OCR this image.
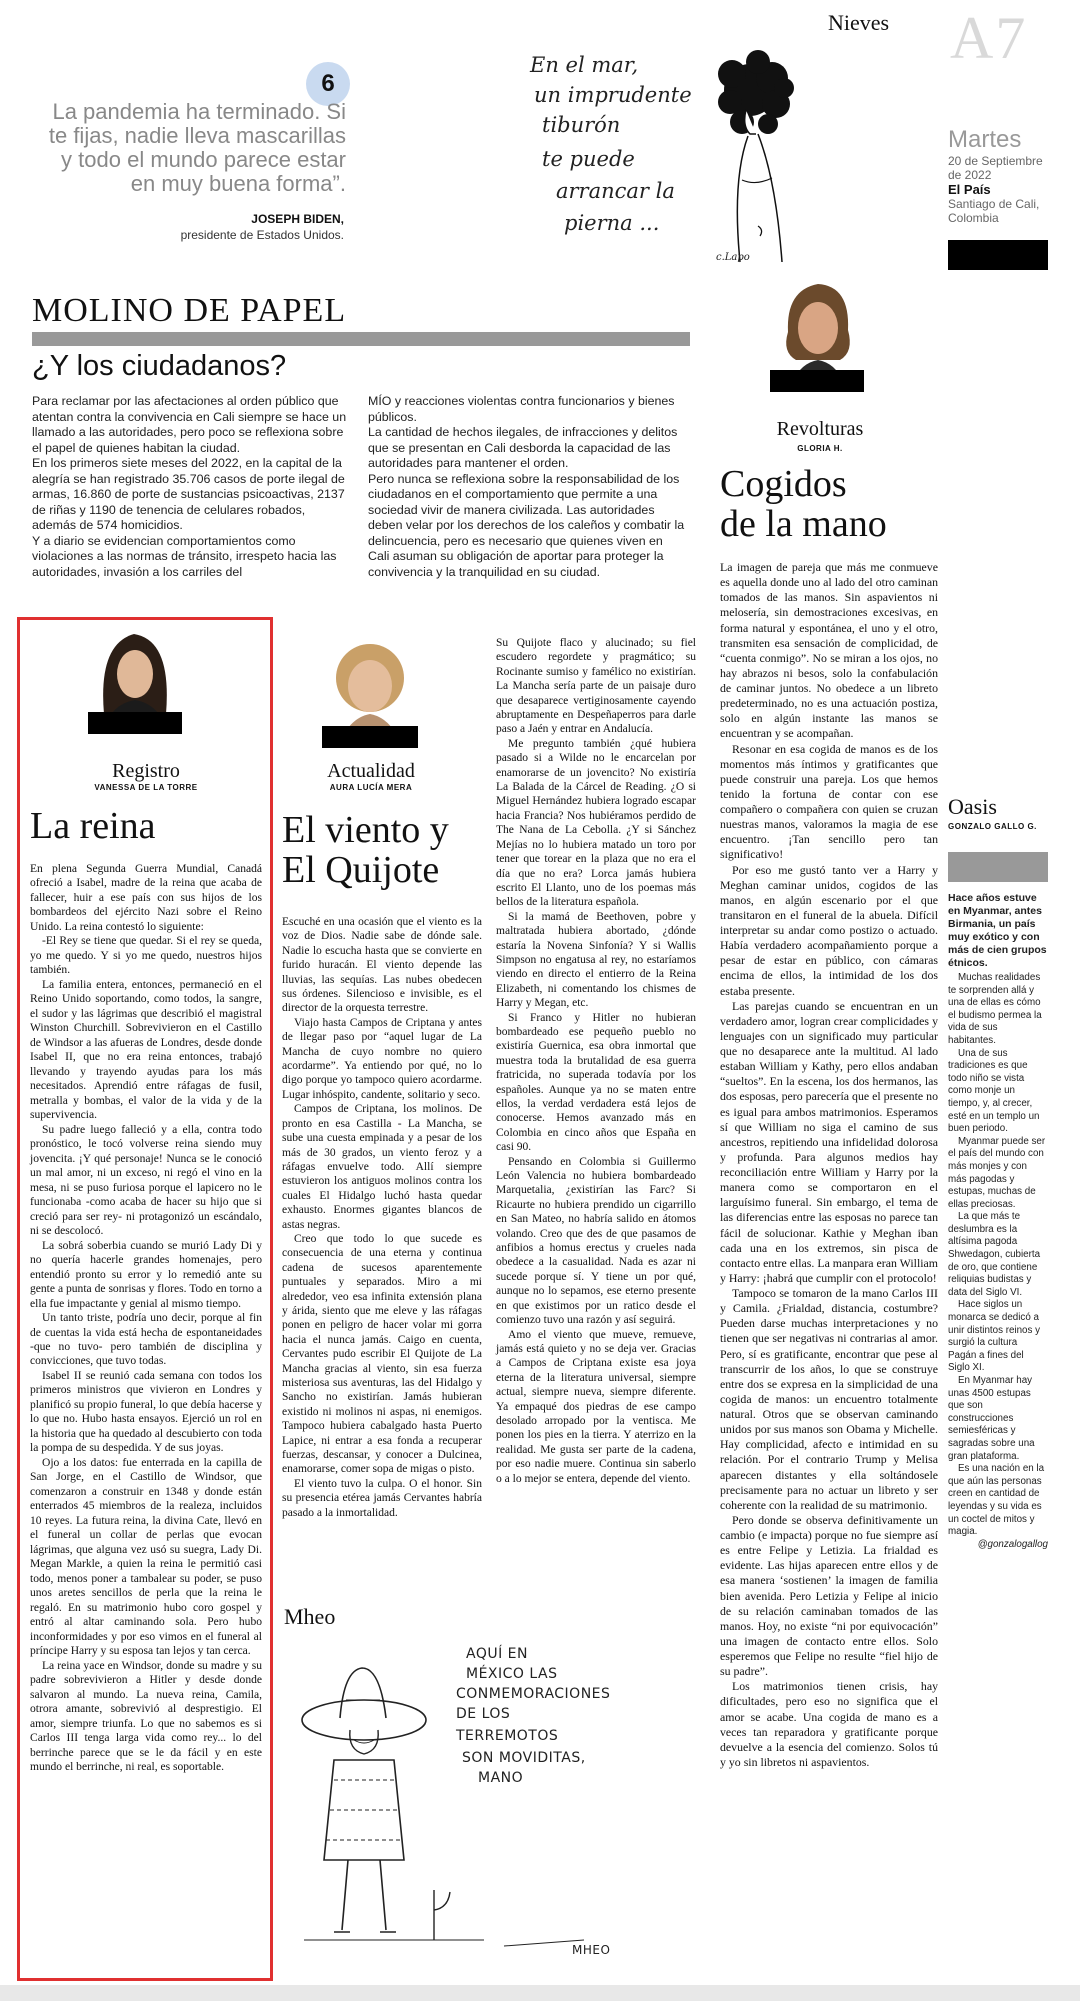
Nieves A7
Martes
20 de Septiembre
de 2022
El País
Santiago de Cali,
Colombia
6
La pandemia ha terminado. Si te fijas, nadie lleva mascarillas y todo el mundo parece estar en muy buena forma”.
JOSEPH BIDEN,
presidente de Estados Unidos.
En el mar,
un imprudente
tiburón
te puede
arrancar la
pierna ...
c.Lapo
MOLINO DE PAPEL
¿Y los ciudadanos?

Para reclamar por las afectaciones al orden público que atentan contra la convivencia en Cali siempre se hace un llamado a las autoridades, pero poco se reflexiona sobre el papel de quienes habitan la ciudad.

En los primeros siete meses del 2022, en la capital de la alegría se han registrado 35.706 casos de porte ilegal de armas, 16.860 de porte de sustancias psicoactivas, 2137 de riñas y 1190 de tenencia de celulares robados, además de 574 homicidios.

Y a diario se evidencian comportamientos como violaciones a las normas de tránsito, irrespeto hacia las autoridades, invasión a los carriles del

MÍO y reacciones violentas contra funcionarios y bienes públicos.

La cantidad de hechos ilegales, de infracciones y delitos que se presentan en Cali desborda la capacidad de las autoridades para mantener el orden.

Pero nunca se reflexiona sobre la responsabilidad de los ciudadanos en el comportamiento que permite a una sociedad vivir de manera civilizada. Las autoridades deben velar por los derechos de los caleños y combatir la delincuencia, pero es necesario que quienes viven en Cali asuman su obligación de aportar para proteger la convivencia y la tranquilidad en su ciudad.

Revolturas
GLORIA H.
Cogidos
de la mano

La imagen de pareja que más me conmueve es aquella donde uno al lado del otro caminan tomados de las manos. Sin aspavientos ni melosería, sin demostraciones excesivas, en forma natural y espontánea, el uno y el otro, transmiten esa sensación de complicidad, de “cuenta conmigo”. No se miran a los ojos, no hay abrazos ni besos, solo la confabulación de caminar juntos. No obedece a un libreto predeterminado, no es una actuación postiza, solo en algún instante las manos se encuentran y se acompañan.

Resonar en esa cogida de manos es de los momentos más íntimos y gratificantes que puede construir una pareja. Los que hemos tenido la fortuna de contar con ese compañero o compañera con quien se cruzan nuestras manos, valoramos la magia de ese encuentro. ¡Tan sencillo pero tan significativo!

Por eso me gustó tanto ver a Harry y Meghan caminar unidos, cogidos de las manos, en algún escenario por el que transitaron en el funeral de la abuela. Difícil interpretar su andar como postizo o actuado. Había verdadero acompañamiento porque a pesar de estar en público, con cámaras encima de ellos, la intimidad de los dos estaba presente.

Las parejas cuando se encuentran en un verdadero amor, logran crear complicidades y lenguajes con un significado muy particular que no desaparece ante la multitud. Al lado estaban William y Kathy, pero ellos andaban “sueltos”. En la escena, los dos hermanos, las dos esposas, pero parecería que el presente no es igual para ambos matrimonios. Esperamos sí que William no siga el camino de sus ancestros, repitiendo una infidelidad dolorosa y profunda. Para algunos medios hay reconciliación entre William y Harry por la manera como se comportaron en el larguísimo funeral. Sin embargo, el tema de las diferencias entre las esposas no parece tan fácil de solucionar. Kathie y Meghan iban cada una en los extremos, sin pisca de contacto entre ellas. La manpara eran William y Harry: ¡habrá que cumplir con el protocolo!

Tampoco se tomaron de la mano Carlos III y Camila. ¿Frialdad, distancia, costumbre? Pueden darse muchas interpretaciones y no tienen que ser negativas ni contrarias al amor. Pero, sí es gratificante, encontrar que pese al transcurrir de los años, lo que se construye entre dos se expresa en la simplicidad de una cogida de manos: un encuentro totalmente natural. Otros que se observan caminando unidos por sus manos son Obama y Michelle. Hay complicidad, afecto e intimidad en su relación. Por el contrario Trump y Melisa aparecen distantes y ella soltándosele precisamente para no actuar un libreto y ser coherente con la realidad de su matrimonio.

Pero donde se observa definitivamente un cambio (e impacta) porque no fue siempre así es entre Felipe y Letizia. La frialdad es evidente. Las hijas aparecen entre ellos y de esa manera ‘sostienen’ la imagen de familia bien avenida. Pero Letizia y Felipe al inicio de su relación caminaban tomados de las manos. Hoy, no existe “ni por equivocación” una imagen de contacto entre ellos. Solo esperemos que Felipe no resulte “fiel hijo de su padre”.

Los matrimonios tienen crisis, hay dificultades, pero eso no significa que el amor se acabe. Una cogida de mano es a veces tan reparadora y gratificante porque devuelve a la esencia del comienzo. Solos tú y yo sin libretos ni aspavientos.

Oasis
GONZALO GALLO G.
Hace años estuve en Myanmar, antes Birmania, un país muy exótico y con más de cien grupos étnicos.

Muchas realidades te sorprenden allá y una de ellas es cómo el budismo permea la vida de sus habitantes.

Una de sus tradiciones es que todo niño se vista como monje un tiempo, y, al crecer, esté en un templo un buen periodo.

Myanmar puede ser el país del mundo con más monjes y con más pagodas y estupas, muchas de ellas preciosas.

La que más te deslumbra es la altísima pagoda Shwedagon, cubierta de oro, que contiene reliquias budistas y data del Siglo VI.

Hace siglos un monarca se dedicó a unir distintos reinos y surgió la cultura Pagán a fines del Siglo XI.

En Myanmar hay unas 4500 estupas que son construcciones semiesféricas y sagradas sobre una gran plataforma.

Es una nación en la que aún las personas creen en cantidad de leyendas y su vida es un coctel de mitos y magia.

@gonzalogallog

Registro
VANESSA DE LA TORRE
La reina

En plena Segunda Guerra Mundial, Canadá ofreció a Isabel, madre de la reina que acaba de fallecer, huir a ese país con sus hijos de los bombardeos del ejército Nazi sobre el Reino Unido. La reina contestó lo siguiente:

-El Rey se tiene que quedar. Si el rey se queda, yo me quedo. Y si yo me quedo, nuestros hijos también.

La familia entera, entonces, permaneció en el Reino Unido soportando, como todos, la sangre, el sudor y las lágrimas que describió el magistral Winston Churchill. Sobrevivieron en el Castillo de Windsor a las afueras de Londres, desde donde Isabel II, que no era reina entonces, trabajó llevando y trayendo ayudas para los más necesitados. Aprendió entre ráfagas de fusil, metralla y bombas, el valor de la vida y de la supervivencia.

Su padre luego falleció y a ella, contra todo pronóstico, le tocó volverse reina siendo muy jovencita. ¡Y qué personaje! Nunca se le conoció un mal amor, ni un exceso, ni regó el vino en la mesa, ni se puso furiosa porque el lapicero no le funcionaba -como acaba de hacer su hijo que si creció para ser rey- ni protagonizó un escándalo, ni se descolocó.

La sobrá soberbia cuando se murió Lady Di y no quería hacerle grandes homenajes, pero entendió pronto su error y lo remedió ante su gente a punta de sonrisas y flores. Todo en torno a ella fue impactante y genial al mismo tiempo.

Un tanto triste, podría uno decir, porque al fin de cuentas la vida está hecha de espontaneidades -que no tuvo- pero también de disciplina y convicciones, que tuvo todas.

Isabel II se reunió cada semana con todos los primeros ministros que vivieron en Londres y planificó su propio funeral, lo que debía hacerse y lo que no. Hubo hasta ensayos. Ejerció un rol en la historia que ha quedado al descubierto con toda la pompa de su despedida. Y de sus joyas.

Ojo a los datos: fue enterrada en la capilla de San Jorge, en el Castillo de Windsor, que comenzaron a construir en 1348 y donde están enterrados 45 miembros de la realeza, incluidos 10 reyes. La futura reina, la divina Cate, llevó en el funeral un collar de perlas que evocan lágrimas, que alguna vez usó su suegra, Lady Di. Megan Markle, a quien la reina le permitió casi todo, menos poner a tambalear su poder, se puso unos aretes sencillos de perla que la reina le regaló. En su matrimonio hubo coro gospel y entró al altar caminando sola. Pero hubo inconformidades y por eso vimos en el funeral al príncipe Harry y su esposa tan lejos y tan cerca.

La reina yace en Windsor, donde su madre y su padre sobrevivieron a Hitler y desde donde salvaron al mundo. La nueva reina, Camila, otrora amante, sobrevivió al desprestigio. El amor, siempre triunfa. Lo que no sabemos es si Carlos III tenga larga vida como rey... lo del berrinche parece que se le da fácil y en este mundo el berrinche, ni real, es soportable.

Actualidad
AURA LUCÍA MERA
El viento y El Quijote

Escuché en una ocasión que el viento es la voz de Dios. Nadie sabe de dónde sale. Nadie lo escucha hasta que se convierte en furido huracán. El viento depende las lluvias, las sequías. Las nubes obedecen sus órdenes. Silencioso e invisible, es el director de la orquesta terrestre.

Viajo hasta Campos de Criptana y antes de llegar paso por “aquel lugar de La Mancha de cuyo nombre no quiero acordarme”. Ya entiendo por qué, no lo digo porque yo tampoco quiero acordarme. Lugar inhóspito, candente, solitario y seco.

Campos de Criptana, los molinos. De pronto en esa Castilla - La Mancha, se sube una cuesta empinada y a pesar de los más de 30 grados, un viento feroz y a ráfagas envuelve todo. Allí siempre estuvieron los antiguos molinos contra los cuales El Hidalgo luchó hasta quedar exhausto. Enormes gigantes blancos de astas negras.

Creo que todo lo que sucede es consecuencia de una eterna y continua cadena de sucesos aparentemente puntuales y separados. Miro a mi alrededor, veo esa infinita extensión plana y árida, siento que me eleve y las ráfagas ponen en peligro de hacer volar mi gorra hacia el nunca jamás. Caigo en cuenta, Cervantes pudo escribir El Quijote de La Mancha gracias al viento, sin esa fuerza misteriosa sus aventuras, las del Hidalgo y Sancho no existirían. Jamás hubieran existido ni molinos ni aspas, ni enemigos. Tampoco hubiera cabalgado hasta Puerto Lapice, ni entrar a esa fonda a recuperar fuerzas, descansar, y conocer a Dulcinea, enamorarse, comer sopa de migas o pisto.

El viento tuvo la culpa. O el honor. Sin su presencia etérea jamás Cervantes habría pasado a la inmortalidad.

Su Quijote flaco y alucinado; su fiel escudero regordete y pragmático; su Rocinante sumiso y famélico no existirían. La Mancha sería parte de un paisaje duro que desaparece vertiginosamente cayendo abruptamente en Despeñaperros para darle paso a Jaén y entrar en Andalucía.

Me pregunto también ¿qué hubiera pasado si a Wilde no le encarcelan por enamorarse de un jovencito? No existiría La Balada de la Cárcel de Reading. ¿O si Miguel Hernández hubiera logrado escapar hacia Francia? Nos hubiéramos perdido de The Nana de La Cebolla. ¿Y si Sánchez Mejías no lo hubiera matado un toro por tener que torear en la plaza que no era el día que no era? Lorca jamás hubiera escrito El Llanto, uno de los poemas más bellos de la literatura española.

Si la mamá de Beethoven, pobre y maltratada hubiera abortado, ¿dónde estaría la Novena Sinfonía? Y si Wallis Simpson no engatusa al rey, no estaríamos viendo en directo el entierro de la Reina Elizabeth, ni comentando los chismes de Harry y Megan, etc.

Si Franco y Hitler no hubieran bombardeado ese pequeño pueblo no existiría Guernica, esa obra inmortal que muestra toda la brutalidad de esa guerra fratricida, no superada todavía por los españoles. Aunque ya no se maten entre ellos, la verdad verdadera está lejos de conocerse. Hemos avanzado más en Colombia en cinco años que España en casi 90.

Pensando en Colombia si Guillermo León Valencia no hubiera bombardeado Marquetalia, ¿existirían las Farc? Si Ricaurte no hubiera prendido un cigarrillo en San Mateo, no habría salido en átomos volando. Creo que des de que pasamos de anfibios a homus erectus y crueles nada obedece a la casualidad. Nada es azar ni sucede porque sí. Y tiene un por qué, aunque no lo sepamos, ese eterno presente en que existimos por un ratico desde el comienzo tuvo una razón y así seguirá.

Amo el viento que mueve, remueve, jamás está quieto y no se deja ver. Gracias a Campos de Criptana existe esa joya eterna de la literatura universal, siempre actual, siempre nueva, siempre diferente. Ya empaqué dos piedras de ese campo desolado arropado por la ventisca. Me ponen los pies en la tierra. Y aterrizo en la realidad. Me gusta ser parte de la cadena, por eso nadie muere. Continua sin saberlo o a lo mejor se entera, depende del viento.

Mheo
AQUÍ EN
MÉXICO LAS
CONMEMORACIONES
DE LOS
TERREMOTOS
SON MOVIDITAS,
MANO
MHEO
